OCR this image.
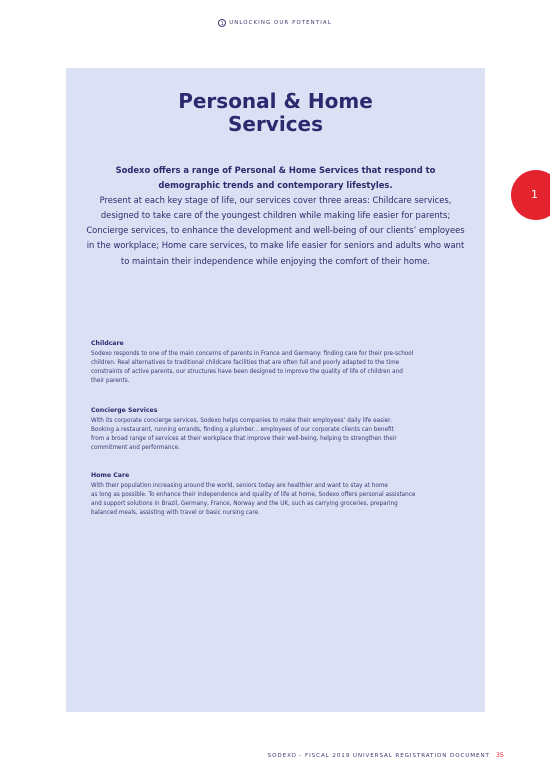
1 UNLOCKING OUR POTENTIAL
1
Personal & Home
Services
Sodexo offers a range of Personal & Home Services that respond to
demographic trends and contemporary lifestyles.
Present at each key stage of life, our services cover three areas: Childcare services,
designed to take care of the youngest children while making life easier for parents;
Concierge services, to enhance the development and well-being of our clients’ employees
in the workplace; Home care services, to make life easier for seniors and adults who want
to maintain their independence while enjoying the comfort of their home.
Childcare

Sodexo responds to one of the main concerns of parents in France and Germany: finding care for their pre-school
children. Real alternatives to traditional childcare facilities that are often full and poorly adapted to the time
constraints of active parents, our structures have been designed to improve the quality of life of children and
their parents.

Concierge Services

With its corporate concierge services, Sodexo helps companies to make their employees’ daily life easier.
Booking a restaurant, running errands, finding a plumber... employees of our corporate clients can benefit
from a broad range of services at their workplace that improve their well-being, helping to strengthen their
commitment and performance.

Home Care

With their population increasing around the world, seniors today are healthier and want to stay at home
as long as possible. To enhance their independence and quality of life at home, Sodexo offers personal assistance
and support solutions in Brazil, Germany, France, Norway and the UK, such as carrying groceries, preparing
balanced meals, assisting with travel or basic nursing care.

SODEXO - FISCAL 2019 UNIVERSAL REGISTRATION DOCUMENT 35
